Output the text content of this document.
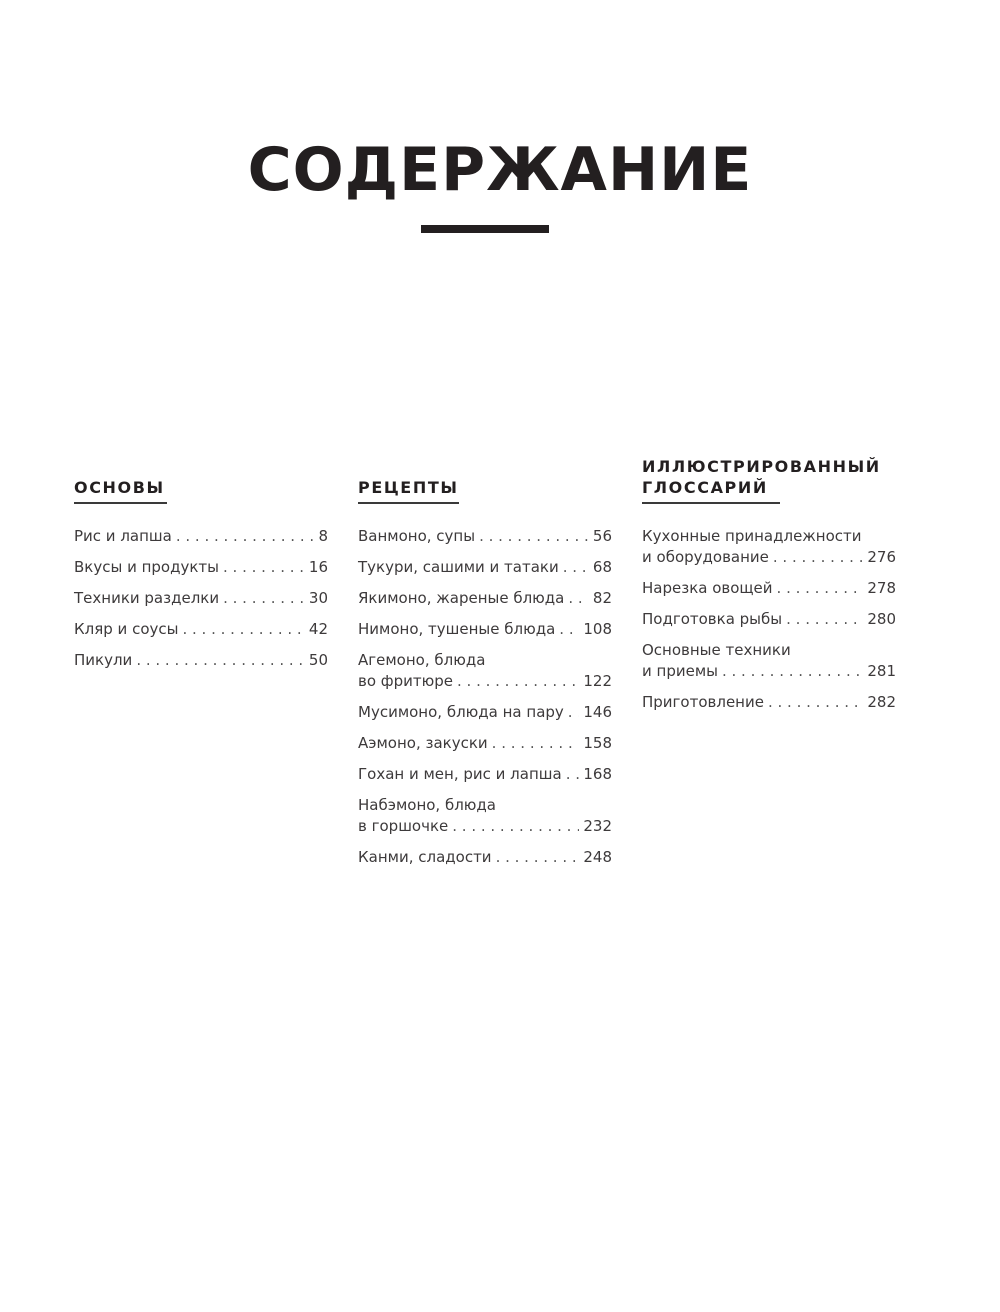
СОДЕРЖАНИЕ
ОСНОВЫ
Рис и лапша . . .	8
Вкусы и продукты . . .	16
Техники разделки . . .	30
Кляр и соусы . . .	42
Пикули . . .	50
РЕЦЕПТЫ
Ванмоно, супы . . .	56
Тукури, сашими и татаки . . . 68
Якимоно, жареные блюда . . . 82
Нимоно, тушеные блюда . . . 108
Агемоно, блюда
во фритюре . . .	122
Мусимоно, блюда на пару . . . 146
Аэмоно, закуски . . .	158
Гохан и мен, рис и лапша . . . 168
Набэмоно, блюда
в горшочке . . .	232
Канми, сладости . . .	248
ИЛЛЮСТРИРОВАННЫЙ
ГЛОССАРИЙ
Кухонные принадлежности
и оборудование . . .	276
Нарезка овощей . . .	278
Подготовка рыбы . . .	280
Основные техники
и приемы . . .	281
Приготовление . . .	282
